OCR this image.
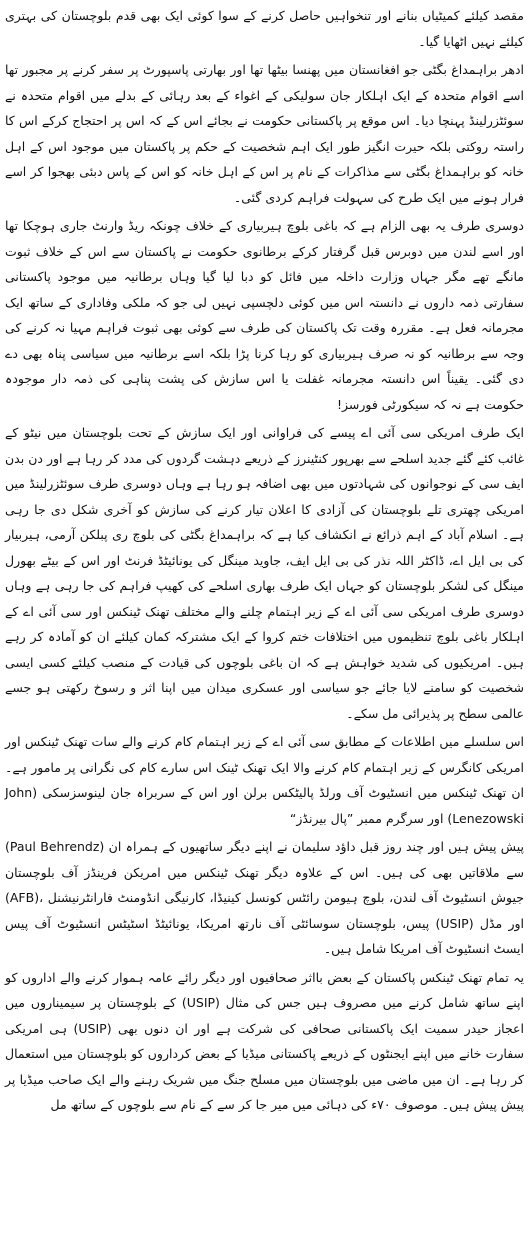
مقصد کیلئے کمیٹیاں بنانے اور تنخواہیں حاصل کرنے کے سوا کوئی ایک بھی قدم بلوچستان کی بہتری کیلئے نہیں اٹھایا گیا۔

ادھر براہمداغ بگٹی جو افغانستان میں پھنسا بیٹھا تھا اور بھارتی پاسپورٹ پر سفر کرنے پر مجبور تھا اسے اقوام متحدہ کے ایک اہلکار جان سولیکی کے اغواء کے بعد رہائی کے بدلے میں اقوام متحدہ نے سوئٹزرلینڈ پہنچا دیا۔ اس موقع پر پاکستانی حکومت نے بجائے اس کے کہ اس پر احتجاج کرکے اس کا راستہ روکتی بلکہ حیرت انگیز طور ایک اہم شخصیت کے حکم پر پاکستان میں موجود اس کے اہل خانہ کو براہمداغ بگٹی سے مذاکرات کے نام پر اس کے اہل خانہ کو اس کے پاس دبئی بھجوا کر اسے فرار ہونے میں ایک طرح کی سہولت فراہم کردی گئی۔

دوسری طرف یہ بھی الزام ہے کہ باغی بلوچ ہیربیاری کے خلاف چونکہ ریڈ وارنٹ جاری ہوچکا تھا اور اسے لندن میں دوبرس قبل گرفتار کرکے برطانوی حکومت نے پاکستان سے اس کے خلاف ثبوت مانگے تھے مگر جہاں وزارت داخلہ میں فائل کو دبا لیا گیا وہاں برطانیہ میں موجود پاکستانی سفارتی ذمہ داروں نے دانستہ اس میں کوئی دلچسپی نہیں لی جو کہ ملکی وفاداری کے ساتھ ایک مجرمانہ فعل ہے۔ مقررہ وقت تک پاکستان کی طرف سے کوئی بھی ثبوت فراہم مہیا نہ کرنے کی وجہ سے برطانیہ کو نہ صرف ہیربیاری کو رہا کرنا پڑا بلکہ اسے برطانیہ میں سیاسی پناہ بھی دے دی گئی۔ یقیناً اس دانستہ مجرمانہ غفلت یا اس سازش کی پشت پناہی کی ذمہ دار موجودہ حکومت ہے نہ کہ سیکورٹی فورسز!

ایک طرف امریکی سی آئی اے پیسے کی فراوانی اور ایک سازش کے تحت بلوچستان میں نیٹو کے غائب کئے گئے جدید اسلحے سے بھرپور کنٹینرز کے ذریعے دہشت گردوں کی مدد کر رہا ہے اور دن بدن ایف سی کے نوجوانوں کی شہادتوں میں بھی اضافہ ہو رہا ہے وہاں دوسری طرف سوئٹزرلینڈ میں امریکی چھتری تلے بلوچستان کی آزادی کا اعلان تیار کرنے کی سازش کو آخری شکل دی جا رہی ہے۔ اسلام آباد کے اہم ذرائع نے انکشاف کیا ہے کہ براہمداغ بگٹی کی بلوچ ری پبلکن آرمی، ہیربیار کی بی ایل اے، ڈاکٹر اللہ نذر کی بی ایل ایف، جاوید مینگل کی یونائیٹڈ فرنٹ اور اس کے بیٹے بھورل مینگل کی لشکر بلوچستان کو جہاں ایک طرف بھاری اسلحے کی کھیپ فراہم کی جا رہی ہے وہاں دوسری طرف امریکی سی آئی اے کے زیر اہتمام چلنے والے مختلف تھنک ٹینکس اور سی آئی اے کے اہلکار باغی بلوچ تنظیموں میں اختلافات ختم کروا کے ایک مشترکہ کمان کیلئے ان کو آمادہ کر رہے ہیں۔ امریکیوں کی شدید خواہش ہے کہ ان باغی بلوچوں کی قیادت کے منصب کیلئے کسی ایسی شخصیت کو سامنے لایا جائے جو سیاسی اور عسکری میدان میں اپنا اثر و رسوخ رکھتی ہو جسے عالمی سطح پر پذیرائی مل سکے۔

اس سلسلے میں اطلاعات کے مطابق سی آئی اے کے زیر اہتمام کام کرنے والے سات تھنک ٹینکس اور امریکی کانگرس کے زیر اہتمام کام کرنے والا ایک تھنک ٹینک اس سارے کام کی نگرانی پر مامور ہے۔ ان تھنک ٹینکس میں انسٹیوٹ آف ورلڈ پالیٹکس برلن اور اس کے سربراہ جان لینوسزسکی (John Lenezowski) اور سرگرم ممبر ”پال بیرنڈز“

(Paul Behrendz) پیش پیش ہیں اور چند روز قبل داؤد سلیمان نے اپنے دیگر ساتھیوں کے ہمراہ ان سے ملاقاتیں بھی کی ہیں۔ اس کے علاوہ دیگر تھنک ٹینکس میں امریکن فرینڈز آف بلوچستان (AFB)، جیوش انسٹیوٹ آف لندن، بلوچ ہیومن رائٹس کونسل کینیڈا، کارنیگی انڈومنٹ فارانٹرنیشنل پیس، بلوچستان سوسائٹی آف نارتھ امریکا، یونائیٹڈ اسٹیٹس انسٹیوٹ آف پیس (USIP) اور مڈل ایسٹ انسٹیوٹ آف امریکا شامل ہیں۔

یہ تمام تھنک ٹینکس پاکستان کے بعض بااثر صحافیوں اور دیگر رائے عامہ ہموار کرنے والے اداروں کو اپنے ساتھ شامل کرنے میں مصروف ہیں جس کی مثال (USIP) کے بلوچستان پر سیمیناروں میں اعجاز حیدر سمیت ایک پاکستانی صحافی کی شرکت ہے اور ان دنوں بھی (USIP) ہی امریکی سفارت خانے میں اپنے ایجنٹوں کے ذریعے پاکستانی میڈیا کے بعض کرداروں کو بلوچستان میں استعمال کر رہا ہے۔ ان میں ماضی میں بلوچستان میں مسلح جنگ میں شریک رہنے والے ایک صاحب میڈیا پر پیش پیش ہیں۔ موصوف ۷۰ء کی دہائی میں میر جا کر سے کے نام سے بلوچوں کے ساتھ مل
